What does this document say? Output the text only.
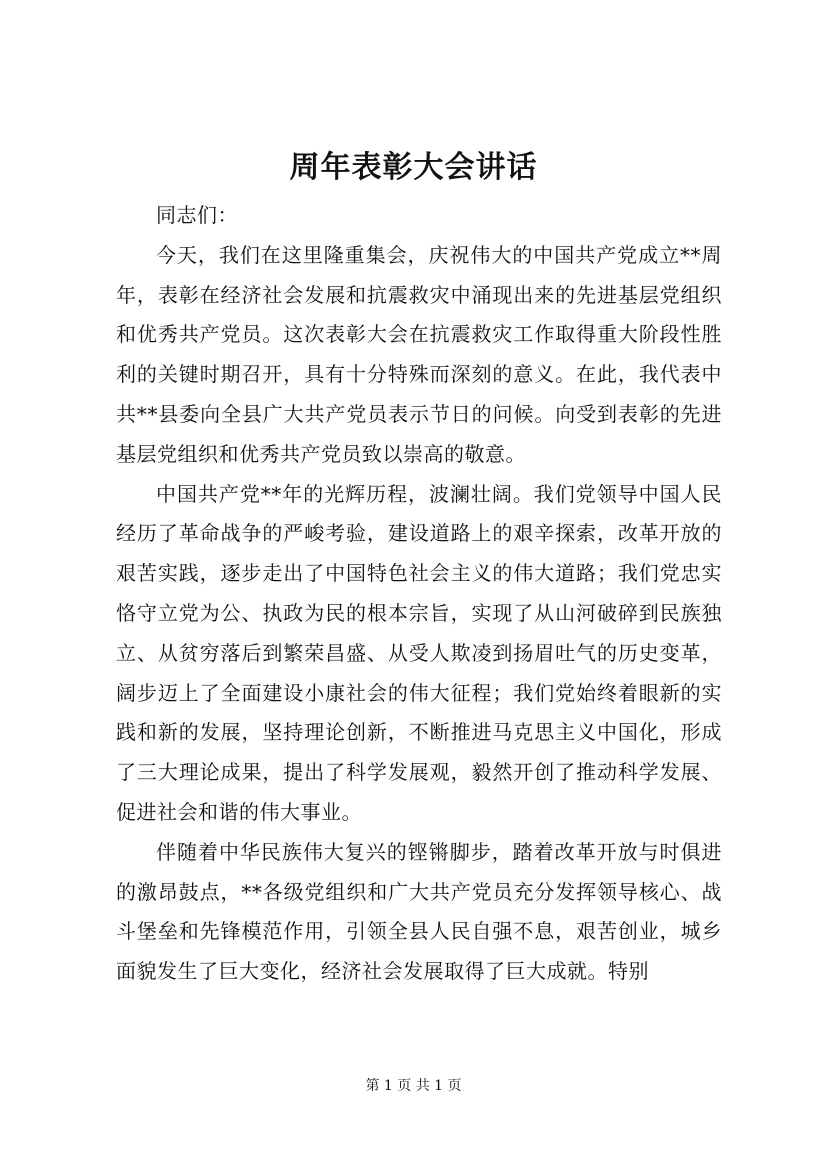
周年表彰大会讲话

同志们：

今天，我们在这里隆重集会，庆祝伟大的中国共产党成立**周年，表彰在经济社会发展和抗震救灾中涌现出来的先进基层党组织和优秀共产党员。这次表彰大会在抗震救灾工作取得重大阶段性胜利的关键时期召开，具有十分特殊而深刻的意义。在此，我代表中共**县委向全县广大共产党员表示节日的问候。向受到表彰的先进基层党组织和优秀共产党员致以崇高的敬意。

中国共产党**年的光辉历程，波澜壮阔。我们党领导中国人民经历了革命战争的严峻考验，建设道路上的艰辛探索，改革开放的艰苦实践，逐步走出了中国特色社会主义的伟大道路；我们党忠实恪守立党为公、执政为民的根本宗旨，实现了从山河破碎到民族独立、从贫穷落后到繁荣昌盛、从受人欺凌到扬眉吐气的历史变革，阔步迈上了全面建设小康社会的伟大征程；我们党始终着眼新的实践和新的发展，坚持理论创新，不断推进马克思主义中国化，形成了三大理论成果，提出了科学发展观，毅然开创了推动科学发展、促进社会和谐的伟大事业。

伴随着中华民族伟大复兴的铿锵脚步，踏着改革开放与时俱进的激昂鼓点，**各级党组织和广大共产党员充分发挥领导核心、战斗堡垒和先锋模范作用，引领全县人民自强不息，艰苦创业，城乡面貌发生了巨大变化，经济社会发展取得了巨大成就。特别

第 1 页 共 1 页
